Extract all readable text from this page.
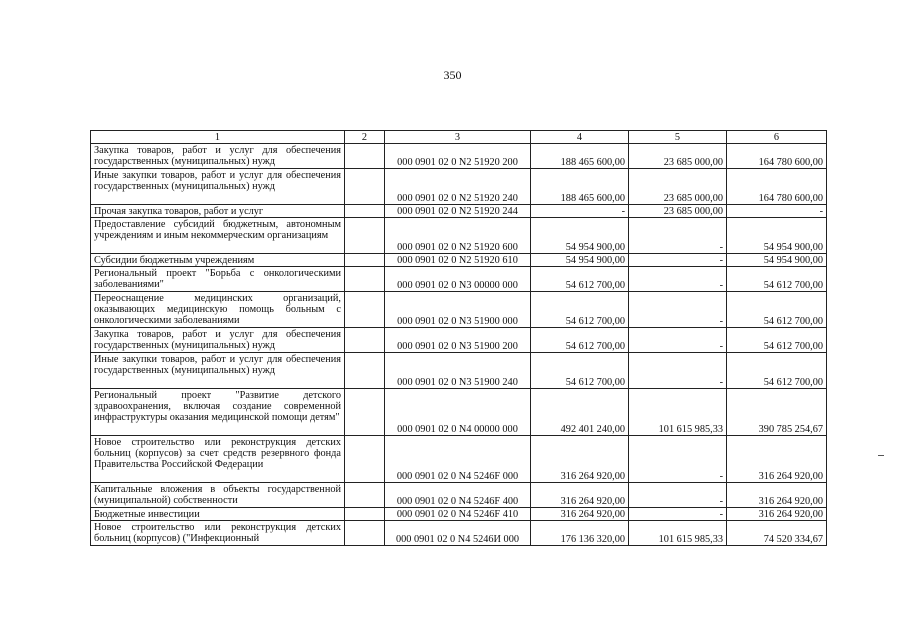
350
1	2	3	4	5	6
Закупка товаров, работ и услуг для обеспечения государственных (муниципальных) нужд		000 0901 02 0 N2 51920 200	188 465 600,00	23 685 000,00	164 780 600,00
Иные закупки товаров, работ и услуг для обеспечения государственных (муниципальных) нужд		000 0901 02 0 N2 51920 240	188 465 600,00	23 685 000,00	164 780 600,00
Прочая закупка товаров, работ и услуг		000 0901 02 0 N2 51920 244	-	23 685 000,00	-
Предоставление субсидий бюджетным, автономным учреждениям и иным некоммерческим организациям		000 0901 02 0 N2 51920 600	54 954 900,00	-	54 954 900,00
Субсидии бюджетным учреждениям		000 0901 02 0 N2 51920 610	54 954 900,00	-	54 954 900,00
Региональный проект "Борьба с онкологическими заболеваниями"		000 0901 02 0 N3 00000 000	54 612 700,00	-	54 612 700,00
Переоснащение медицинских организаций, оказывающих медицинскую помощь больным с онкологическими заболеваниями		000 0901 02 0 N3 51900 000	54 612 700,00	-	54 612 700,00
Закупка товаров, работ и услуг для обеспечения государственных (муниципальных) нужд		000 0901 02 0 N3 51900 200	54 612 700,00	-	54 612 700,00
Иные закупки товаров, работ и услуг для обеспечения государственных (муниципальных) нужд		000 0901 02 0 N3 51900 240	54 612 700,00	-	54 612 700,00
Региональный проект "Развитие детского здравоохранения, включая создание современной инфраструктуры оказания медицинской помощи детям"		000 0901 02 0 N4 00000 000	492 401 240,00	101 615 985,33	390 785 254,67
Новое строительство или реконструкция детских больниц (корпусов) за счет средств резервного фонда Правительства Российской Федерации		000 0901 02 0 N4 5246F 000	316 264 920,00	-	316 264 920,00
Капитальные вложения в объекты государственной (муниципальной) собственности		000 0901 02 0 N4 5246F 400	316 264 920,00	-	316 264 920,00
Бюджетные инвестиции		000 0901 02 0 N4 5246F 410	316 264 920,00	-	316 264 920,00
Новое строительство или реконструкция детских больниц (корпусов) ("Инфекционный		000 0901 02 0 N4 5246И 000	176 136 320,00	101 615 985,33	74 520 334,67
